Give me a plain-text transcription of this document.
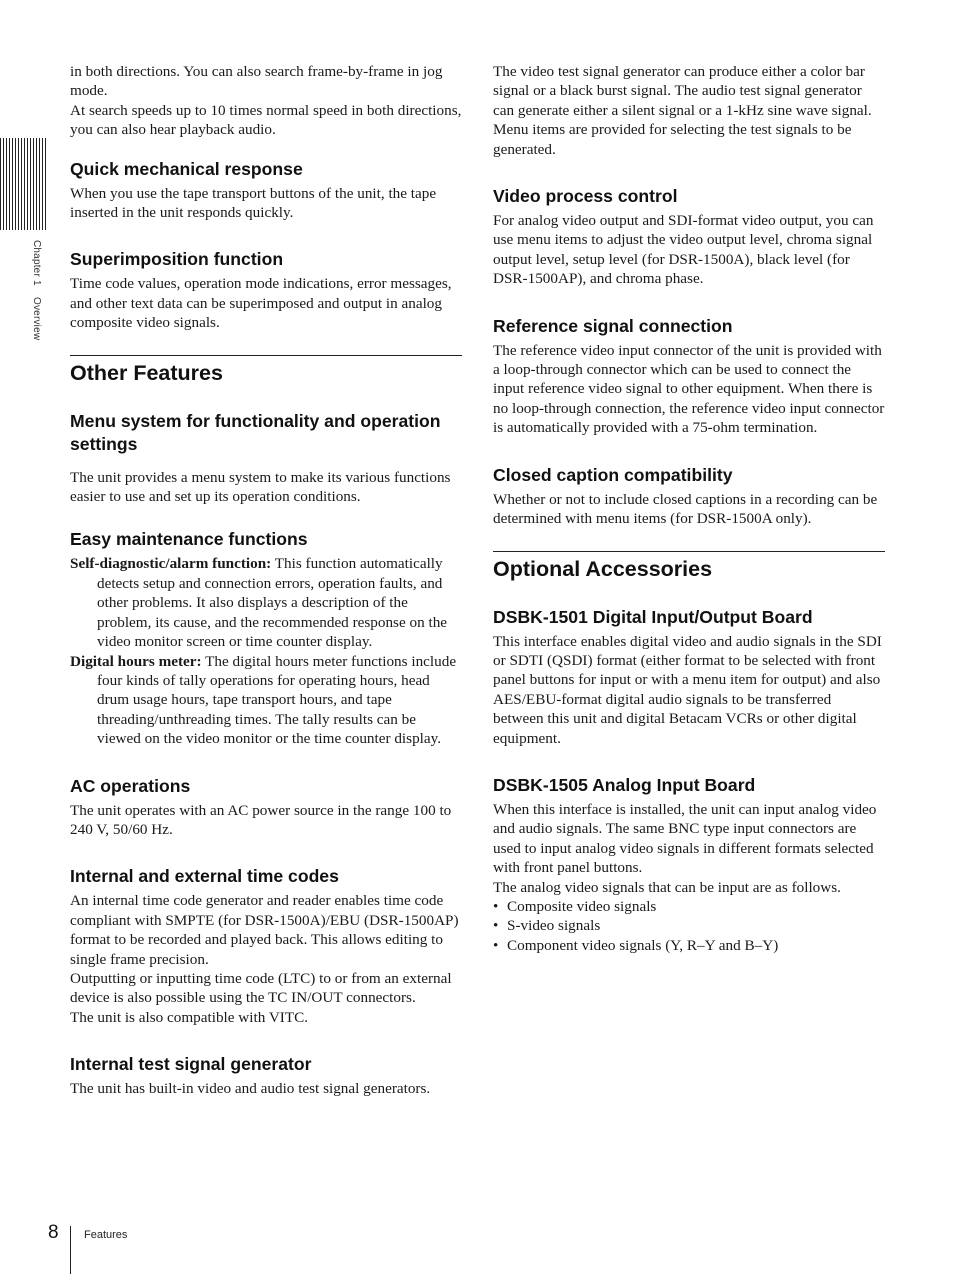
Chapter 1 Overview

in both directions. You can also search frame-by-frame in jog mode.

At search speeds up to 10 times normal speed in both directions, you can also hear playback audio.

Quick mechanical response

When you use the tape transport buttons of the unit, the tape inserted in the unit responds quickly.

Superimposition function

Time code values, operation mode indications, error messages, and other text data can be superimposed and output in analog composite video signals.

Other Features
Menu system for functionality and operation settings

The unit provides a menu system to make its various functions easier to use and set up its operation conditions.

Easy maintenance functions

Self-diagnostic/alarm function: This function automatically detects setup and connection errors, operation faults, and other problems. It also displays a description of the problem, its cause, and the recommended response on the video monitor screen or time counter display.

Digital hours meter: The digital hours meter functions include four kinds of tally operations for operating hours, head drum usage hours, tape transport hours, and tape threading/unthreading times. The tally results can be viewed on the video monitor or the time counter display.

AC operations

The unit operates with an AC power source in the range 100 to 240 V, 50/60 Hz.

Internal and external time codes

An internal time code generator and reader enables time code compliant with SMPTE (for DSR-1500A)/EBU (DSR-1500AP) format to be recorded and played back. This allows editing to single frame precision.

Outputting or inputting time code (LTC) to or from an external device is also possible using the TC IN/OUT connectors.

The unit is also compatible with VITC.

Internal test signal generator

The unit has built-in video and audio test signal generators.

The video test signal generator can produce either a color bar signal or a black burst signal. The audio test signal generator can generate either a silent signal or a 1-kHz sine wave signal. Menu items are provided for selecting the test signals to be generated.

Video process control

For analog video output and SDI-format video output, you can use menu items to adjust the video output level, chroma signal output level, setup level (for DSR-1500A), black level (for DSR-1500AP), and chroma phase.

Reference signal connection

The reference video input connector of the unit is provided with a loop-through connector which can be used to connect the input reference video signal to other equipment. When there is no loop-through connection, the reference video input connector is automatically provided with a 75-ohm termination.

Closed caption compatibility

Whether or not to include closed captions in a recording can be determined with menu items (for DSR-1500A only).

Optional Accessories
DSBK-1501 Digital Input/Output Board

This interface enables digital video and audio signals in the SDI or SDTI (QSDI) format (either format to be selected with front panel buttons for input or with a menu item for output) and also AES/EBU-format digital audio signals to be transferred between this unit and digital Betacam VCRs or other digital equipment.

DSBK-1505 Analog Input Board

When this interface is installed, the unit can input analog video and audio signals. The same BNC type input connectors are used to input analog video signals in different formats selected with front panel buttons.

The analog video signals that can be input are as follows.

• Composite video signals
• S-video signals
• Component video signals (Y, R–Y and B–Y)
8 Features
